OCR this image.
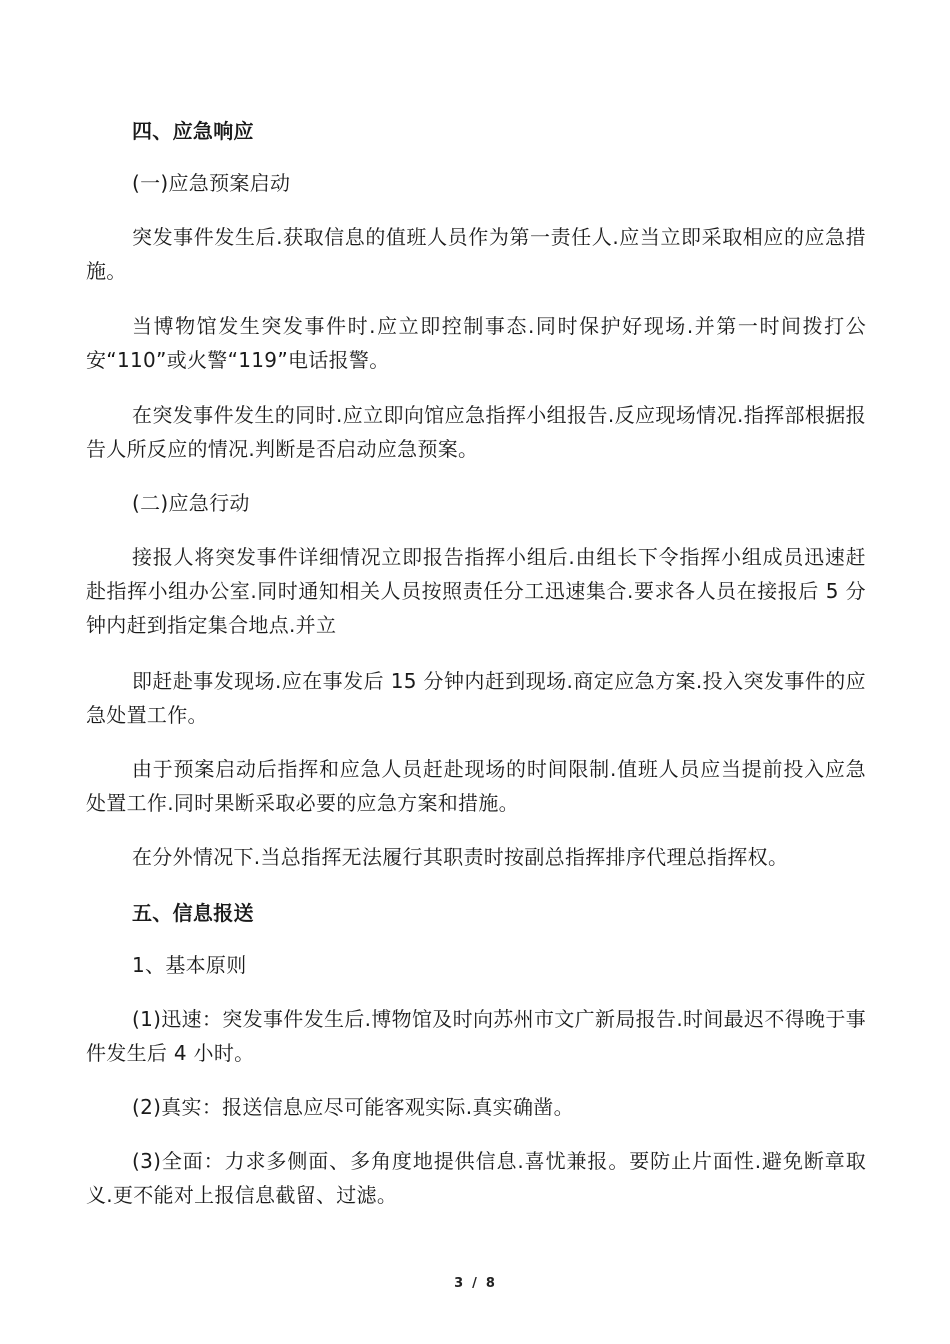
四、应急响应

(一)应急预案启动

突发事件发生后.获取信息的值班人员作为第一责任人.应当立即采取相应的应急措施。

当博物馆发生突发事件时.应立即控制事态.同时保护好现场.并第一时间拨打公安“110”或火警“119”电话报警。

在突发事件发生的同时.应立即向馆应急指挥小组报告.反应现场情况.指挥部根据报告人所反应的情况.判断是否启动应急预案。

(二)应急行动

接报人将突发事件详细情况立即报告指挥小组后.由组长下令指挥小组成员迅速赶赴指挥小组办公室.同时通知相关人员按照责任分工迅速集合.要求各人员在接报后 5 分钟内赶到指定集合地点.并立

即赶赴事发现场.应在事发后 15 分钟内赶到现场.商定应急方案.投入突发事件的应急处置工作。

由于预案启动后指挥和应急人员赶赴现场的时间限制.值班人员应当提前投入应急处置工作.同时果断采取必要的应急方案和措施。

在分外情况下.当总指挥无法履行其职责时按副总指挥排序代理总指挥权。

五、信息报送

1、基本原则

(1)迅速：突发事件发生后.博物馆及时向苏州市文广新局报告.时间最迟不得晚于事件发生后 4 小时。

(2)真实：报送信息应尽可能客观实际.真实确凿。

(3)全面：力求多侧面、多角度地提供信息.喜忧兼报。要防止片面性.避免断章取义.更不能对上报信息截留、过滤。

3 / 8
